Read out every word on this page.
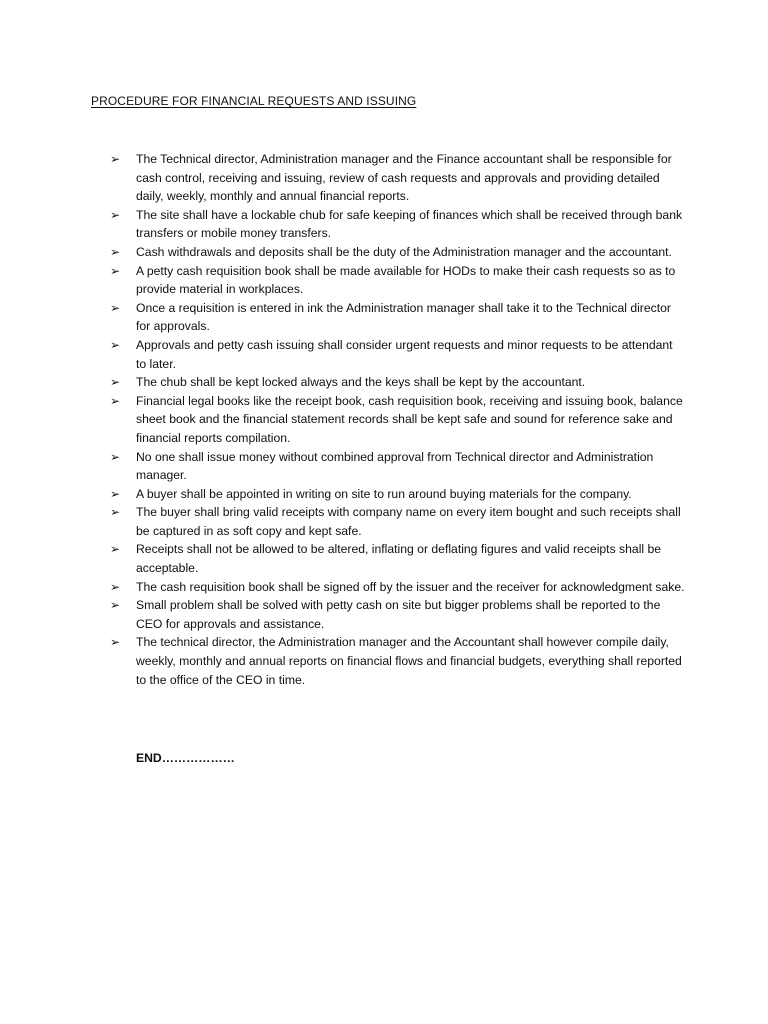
PROCEDURE FOR FINANCIAL REQUESTS AND ISSUING
➢ The Technical director, Administration manager and the Finance accountant shall be responsible for cash control, receiving and issuing, review of cash requests and approvals and providing detailed daily, weekly, monthly and annual financial reports.
➢ The site shall have a lockable chub for safe keeping of finances which shall be received through bank transfers or mobile money transfers.
➢ Cash withdrawals and deposits shall be the duty of the Administration manager and the accountant.
➢ A petty cash requisition book shall be made available for HODs to make their cash requests so as to provide material in workplaces.
➢ Once a requisition is entered in ink the Administration manager shall take it to the Technical director for approvals.
➢ Approvals and petty cash issuing shall consider urgent requests and minor requests to be attendant to later.
➢ The chub shall be kept locked always and the keys shall be kept by the accountant.
➢ Financial legal books like the receipt book, cash requisition book, receiving and issuing book, balance sheet book and the financial statement records shall be kept safe and sound for reference sake and financial reports compilation.
➢ No one shall issue money without combined approval from Technical director and Administration manager.
➢ A buyer shall be appointed in writing on site to run around buying materials for the company.
➢ The buyer shall bring valid receipts with company name on every item bought and such receipts shall be captured in as soft copy and kept safe.
➢ Receipts shall not be allowed to be altered, inflating or deflating figures and valid receipts shall be acceptable.
➢ The cash requisition book shall be signed off by the issuer and the receiver for acknowledgment sake.
➢ Small problem shall be solved with petty cash on site but bigger problems shall be reported to the CEO for approvals and assistance.
➢ The technical director, the Administration manager and the Accountant shall however compile daily, weekly, monthly and annual reports on financial flows and financial budgets, everything shall reported to the office of the CEO in time.
END………………
